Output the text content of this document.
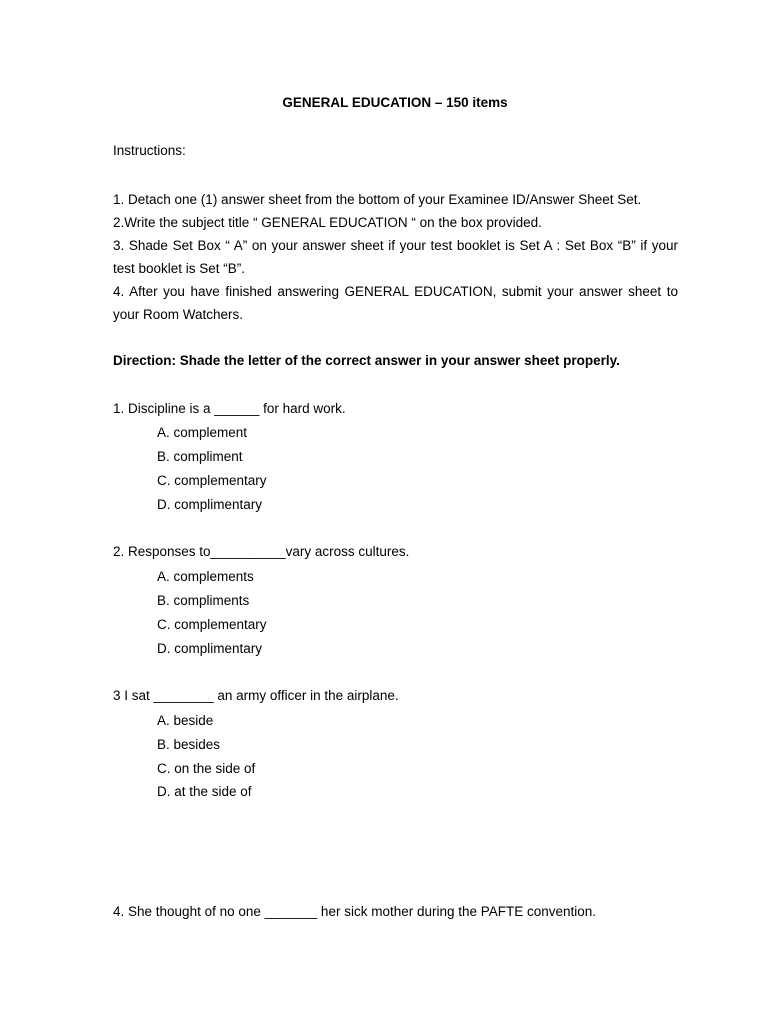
GENERAL EDUCATION – 150 items
Instructions:
1. Detach one (1) answer sheet from the bottom of your Examinee ID/Answer Sheet Set.
2.Write the subject title “ GENERAL EDUCATION “ on the box provided.
3. Shade Set Box “ A” on your answer sheet if your test booklet is Set A : Set Box “B” if your test booklet is Set “B”.
4. After you have finished answering GENERAL EDUCATION, submit your answer sheet to your Room Watchers.
Direction: Shade the letter of the correct answer in your answer sheet properly.
1. Discipline is a ______ for hard work.
A. complement
B. compliment
C. complementary
D. complimentary
2. Responses to__________vary across cultures.
A. complements
B. compliments
C. complementary
D. complimentary
3 I sat ________ an army officer in the airplane.
A. beside
B. besides
C. on the side of
D. at the side of
4. She thought of no one _______ her sick mother during the PAFTE convention.
